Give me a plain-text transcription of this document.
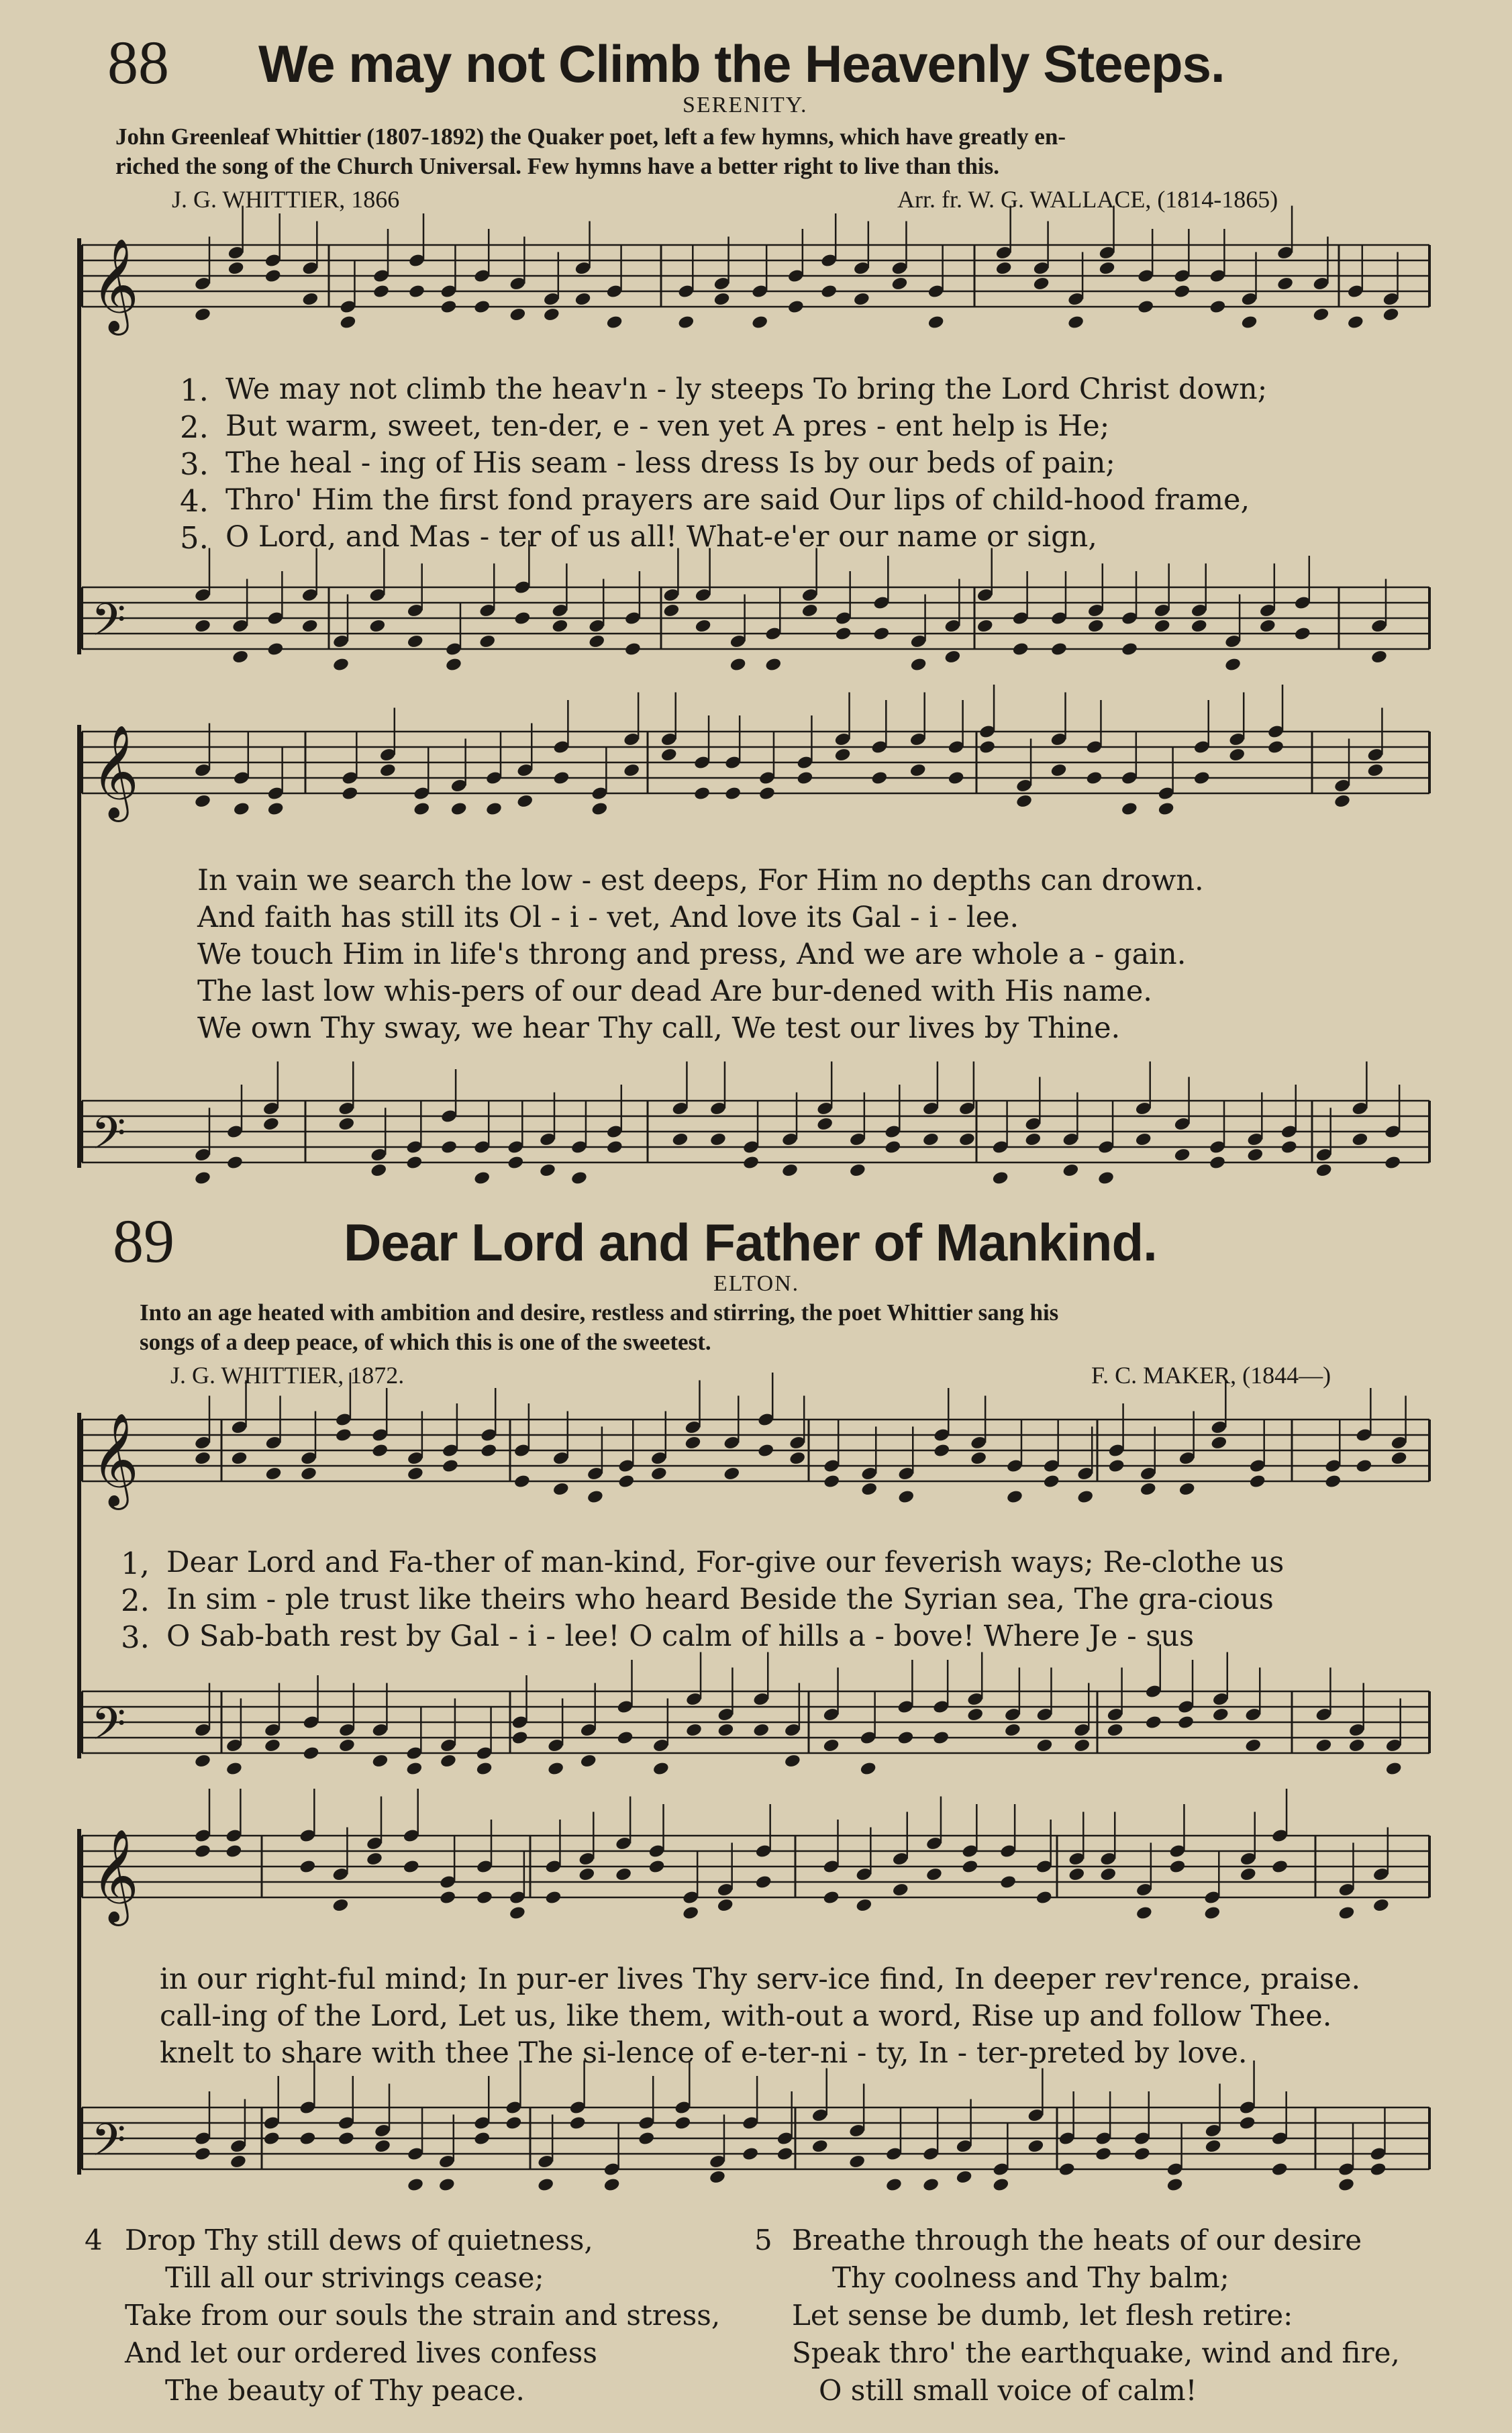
𝄞
𝄢
𝄞
𝄢
𝄞
𝄢
𝄞
𝄢
88 We may not Climb the Heavenly Steeps.
SERENITY.
John Greenleaf Whittier (1807-1892) the Quaker poet, left a few hymns, which have greatly en-
riched the song of the Church Universal. Few hymns have a better right to live than this.
J. G. WHITTIER, 1866	Arr. fr. W. G. WALLACE, (1814-1865)
1. We may not climb the heav'n - ly steeps To bring the Lord Christ down;
2. But warm, sweet, ten-der, e - ven yet A pres - ent help is He;
3. The heal - ing of His seam - less dress Is by our beds of pain;
4. Thro' Him the first fond prayers are said Our lips of child-hood frame,
5. O Lord, and Mas - ter of us all! What-e'er our name or sign,
In vain we search the low - est deeps, For Him no depths can drown.
And faith has still its Ol - i - vet, And love its Gal - i - lee.
We touch Him in life's throng and press, And we are whole a - gain.
The last low whis-pers of our dead Are bur-dened with His name.
We own Thy sway, we hear Thy call, We test our lives by Thine.
89	Dear Lord and Father of Mankind.
ELTON.
Into an age heated with ambition and desire, restless and stirring, the poet Whittier sang his
songs of a deep peace, of which this is one of the sweetest.
J. G. WHITTIER, 1872.	F. C. MAKER, (1844—)
1, Dear Lord and Fa-ther of man-kind, For-give our feverish ways; Re-clothe us
2. In sim - ple trust like theirs who heard Beside the Syrian sea, The gra-cious
3. O Sab-bath rest by Gal - i - lee! O calm of hills a - bove! Where Je - sus
in our right-ful mind; In pur-er lives Thy serv-ice find, In deeper rev'rence, praise.
call-ing of the Lord, Let us, like them, with-out a word, Rise up and follow Thee.
knelt to share with thee The si-lence of e-ter-ni - ty, In - ter-preted by love.
4 Drop Thy still dews of quietness,
Till all our strivings cease;
Take from our souls the strain and stress,
And let our ordered lives confess
The beauty of Thy peace.
5 Breathe through the heats of our desire
Thy coolness and Thy balm;
Let sense be dumb, let flesh retire:
Speak thro' the earthquake, wind and fire,
O still small voice of calm!
